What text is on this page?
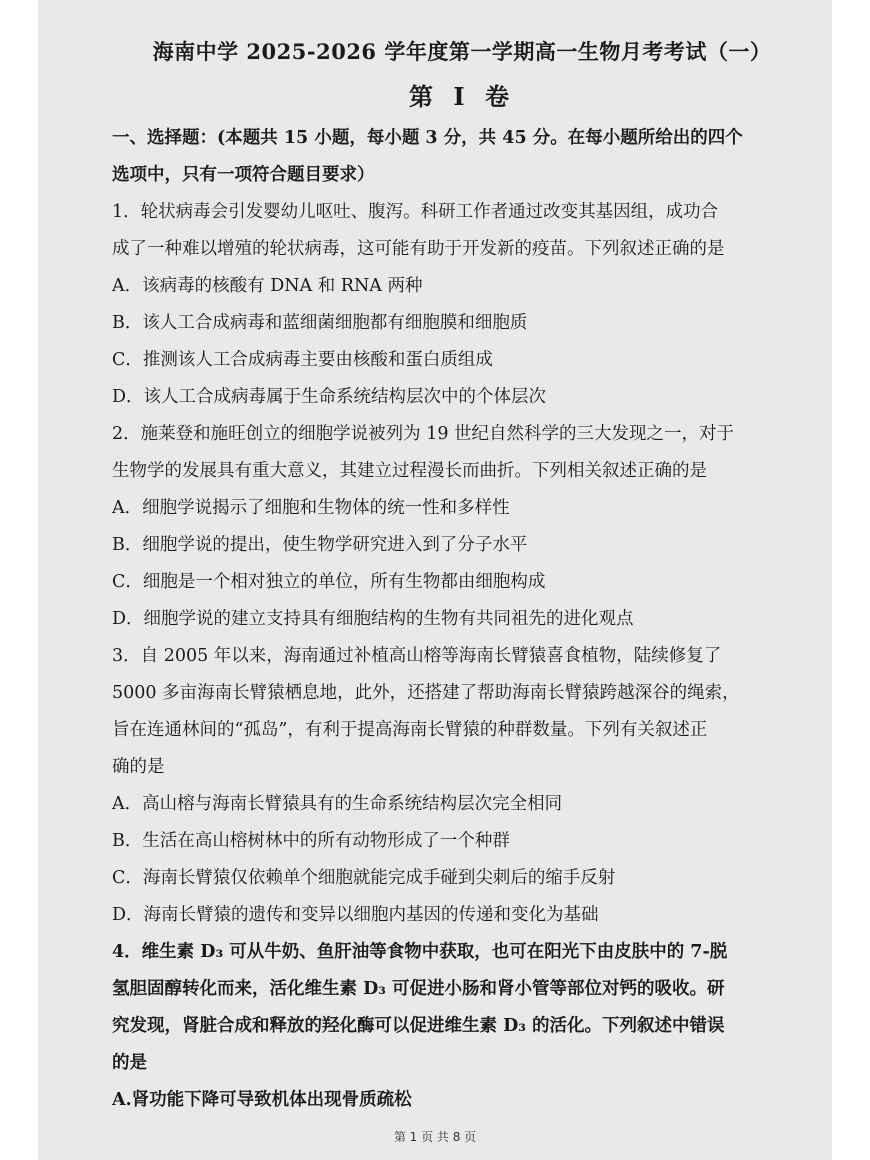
海南中学 2025-2026 学年度第一学期高一生物月考考试（一）
第 I 卷
一、选择题：(本题共 15 小题，每小题 3 分，共 45 分。在每小题所给出的四个
选项中，只有一项符合题目要求）
1．轮状病毒会引发婴幼儿呕吐、腹泻。科研工作者通过改变其基因组，成功合
成了一种难以增殖的轮状病毒，这可能有助于开发新的疫苗。下列叙述正确的是
A．该病毒的核酸有 DNA 和 RNA 两种
B．该人工合成病毒和蓝细菌细胞都有细胞膜和细胞质
C．推测该人工合成病毒主要由核酸和蛋白质组成
D．该人工合成病毒属于生命系统结构层次中的个体层次
2．施莱登和施旺创立的细胞学说被列为 19 世纪自然科学的三大发现之一，对于
生物学的发展具有重大意义，其建立过程漫长而曲折。下列相关叙述正确的是
A．细胞学说揭示了细胞和生物体的统一性和多样性
B．细胞学说的提出，使生物学研究进入到了分子水平
C．细胞是一个相对独立的单位，所有生物都由细胞构成
D．细胞学说的建立支持具有细胞结构的生物有共同祖先的进化观点
3．自 2005 年以来，海南通过补植高山榕等海南长臂猿喜食植物，陆续修复了
5000 多亩海南长臂猿栖息地，此外，还搭建了帮助海南长臂猿跨越深谷的绳索，
旨在连通林间的“孤岛”，有利于提高海南长臂猿的种群数量。下列有关叙述正
确的是
A．高山榕与海南长臂猿具有的生命系统结构层次完全相同
B．生活在高山榕树林中的所有动物形成了一个种群
C．海南长臂猿仅依赖单个细胞就能完成手碰到尖刺后的缩手反射
D．海南长臂猿的遗传和变异以细胞内基因的传递和变化为基础
4．维生素 D₃ 可从牛奶、鱼肝油等食物中获取，也可在阳光下由皮肤中的 7-脱
氢胆固醇转化而来，活化维生素 D₃ 可促进小肠和肾小管等部位对钙的吸收。研
究发现，肾脏合成和释放的羟化酶可以促进维生素 D₃ 的活化。下列叙述中错误
的是
A.肾功能下降可导致机体出现骨质疏松
第 1 页 共 8 页
